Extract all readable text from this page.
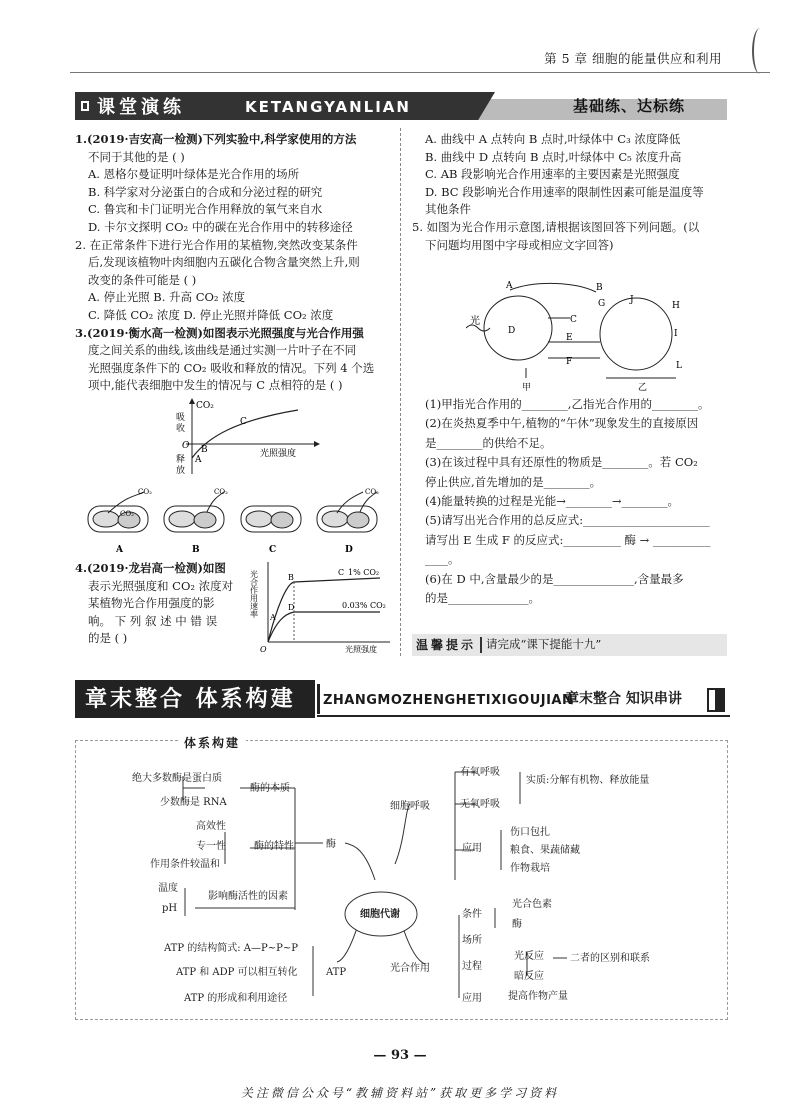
第 5 章 细胞的能量供应和利用
课堂演练	KETANGYANLIAN	基础练、达标练

1.(2019·吉安高一检测)下列实验中,科学家使用的方法

不同于其他的是 ( )

A. 恩格尔曼证明叶绿体是光合作用的场所

B. 科学家对分泌蛋白的合成和分泌过程的研究

C. 鲁宾和卡门证明光合作用释放的氧气来自水

D. 卡尔文探明 CO₂ 中的碳在光合作用中的转移途径

2. 在正常条件下进行光合作用的某植物,突然改变某条件

后,发现该植物叶肉细胞内五碳化合物含量突然上升,则

改变的条件可能是 ( )

A. 停止光照 B. 升高 CO₂ 浓度

C. 降低 CO₂ 浓度 D. 停止光照并降低 CO₂ 浓度

3.(2019·衡水高一检测)如图表示光照强度与光合作用强

度之间关系的曲线,该曲线是通过实测一片叶子在不同

光照强度条件下的 CO₂ 吸收和释放的情况。下列 4 个选

项中,能代表细胞中发生的情况与 C 点相符的是 ( )

吸
收
CO₂
O
释
放
A
B
C
光照强度
CO₂
CO₂
A
CO₂
B	C
CO₂
D

4.(2019·龙岩高一检测)如图

表示光照强度和 CO₂ 浓度对

某植物光合作用强度的影

响。 下 列 叙 述 中 错 误

的是 ( )

光合作用速率
O	光照强度
1% CO₂
0.03% CO₂
A
B
C
D

A. 曲线中 A 点转向 B 点时,叶绿体中 C₃ 浓度降低

B. 曲线中 D 点转向 B 点时,叶绿体中 C₅ 浓度升高

C. AB 段影响光合作用速率的主要因素是光照强度

D. BC 段影响光合作用速率的限制性因素可能是温度等

其他条件

5. 如图为光合作用示意图,请根据该图回答下列问题。(以

下问题均用图中字母或相应文字回答)

光
A	B
C
D
E
F
G	H
I
J
L
甲	乙

(1)甲指光合作用的________,乙指光合作用的________。

(2)在炎热夏季中午,植物的“午休”现象发生的直接原因

是________的供给不足。

(3)在该过程中具有还原性的物质是________。若 CO₂

停止供应,首先增加的是________。

(4)能量转换的过程是光能→________→________。

(5)请写出光合作用的总反应式:______________________

请写出 E 生成 F 的反应式:__________ 酶 → __________

____。

(6)在 D 中,含量最少的是______________,含量最多

的是______________。

温馨提示 请完成“课下提能十九”
章末整合 体系构建 ZHANGMOZHENGHETIXIGOUJIAN
章末整合 知识串讲
体系构建
绝大多数酶是蛋白质
少数酶是 RNA
酶的本质
高效性
专一性
作用条件较温和
酶的特性	酶
温度
pH
影响酶活性的因素
ATP 的结构简式: A—P~P~P
ATP 和 ADP 可以相互转化
ATP 的形成和利用途径
ATP
细胞代谢
细胞呼吸
有氧呼吸
无氧呼吸
实质:分解有机物、释放能量
应用
伤口包扎
粮食、果蔬储藏
作物栽培
光合作用
条件
光合色素
酶
场所
过程
光反应
暗反应
二者的区别和联系
应用	提高作物产量
— 93 —
关注微信公众号“教辅资料站”获取更多学习资料
